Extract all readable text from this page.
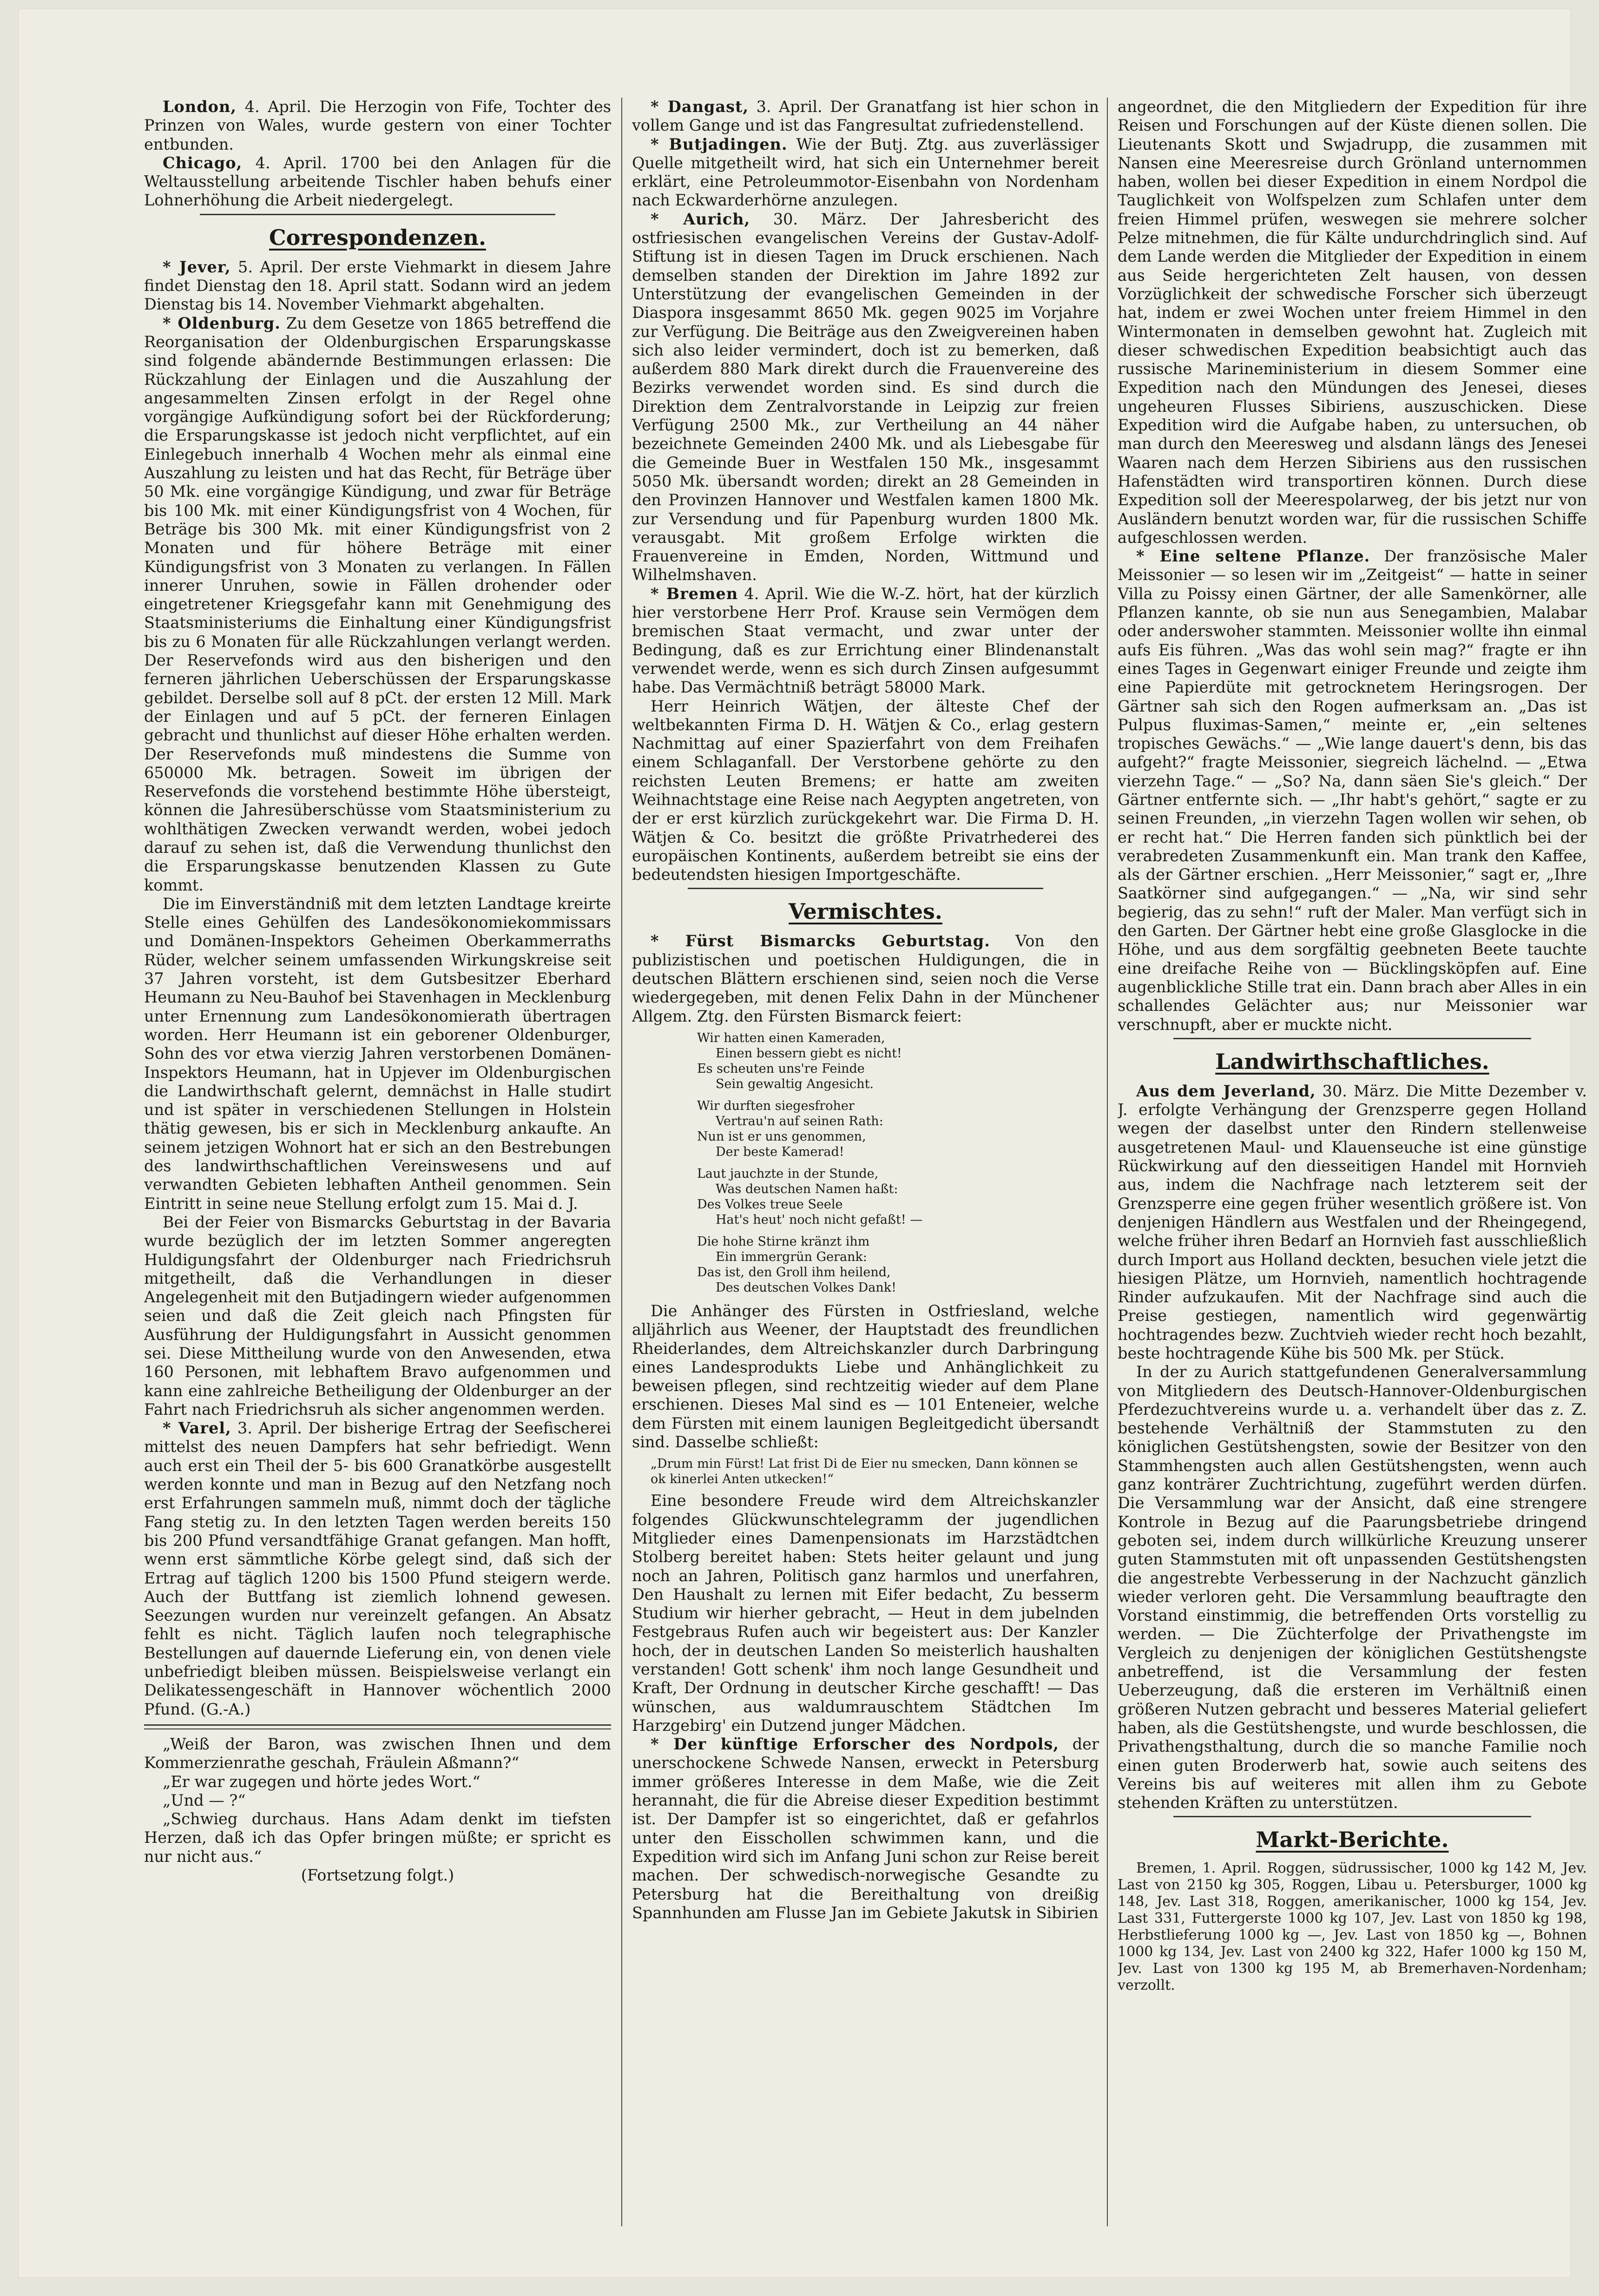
London, 4. April. Die Herzogin von Fife, Tochter des Prinzen von Wales, wurde gestern von einer Tochter entbunden.

Chicago, 4. April. 1700 bei den Anlagen für die Weltausstellung arbeitende Tischler haben behufs einer Lohnerhöhung die Arbeit niedergelegt.

Correspondenzen.

* Jever, 5. April. Der erste Viehmarkt in diesem Jahre findet Dienstag den 18. April statt. Sodann wird an jedem Dienstag bis 14. November Viehmarkt abgehalten.

* Oldenburg. Zu dem Gesetze von 1865 betreffend die Reorganisation der Oldenburgischen Ersparungskasse sind folgende abändernde Bestimmungen erlassen: Die Rückzahlung der Einlagen und die Auszahlung der angesammelten Zinsen erfolgt in der Regel ohne vorgängige Aufkündigung sofort bei der Rückforderung; die Ersparungskasse ist jedoch nicht verpflichtet, auf ein Einlegebuch innerhalb 4 Wochen mehr als einmal eine Auszahlung zu leisten und hat das Recht, für Beträge über 50 Mk. eine vorgängige Kündigung, und zwar für Beträge bis 100 Mk. mit einer Kündigungsfrist von 4 Wochen, für Beträge bis 300 Mk. mit einer Kündigungsfrist von 2 Monaten und für höhere Beträge mit einer Kündigungsfrist von 3 Monaten zu verlangen. In Fällen innerer Unruhen, sowie in Fällen drohender oder eingetretener Kriegsgefahr kann mit Genehmigung des Staatsministeriums die Einhaltung einer Kündigungsfrist bis zu 6 Monaten für alle Rückzahlungen verlangt werden. Der Reservefonds wird aus den bisherigen und den ferneren jährlichen Ueberschüssen der Ersparungskasse gebildet. Derselbe soll auf 8 pCt. der ersten 12 Mill. Mark der Einlagen und auf 5 pCt. der ferneren Einlagen gebracht und thunlichst auf dieser Höhe erhalten werden. Der Reservefonds muß mindestens die Summe von 650000 Mk. betragen. Soweit im übrigen der Reservefonds die vorstehend bestimmte Höhe übersteigt, können die Jahresüberschüsse vom Staatsministerium zu wohlthätigen Zwecken verwandt werden, wobei jedoch darauf zu sehen ist, daß die Verwendung thunlichst den die Ersparungskasse benutzenden Klassen zu Gute kommt.

Die im Einverständniß mit dem letzten Landtage kreirte Stelle eines Gehülfen des Landesökonomiekommissars und Domänen-Inspektors Geheimen Oberkammerraths Rüder, welcher seinem umfassenden Wirkungskreise seit 37 Jahren vorsteht, ist dem Gutsbesitzer Eberhard Heumann zu Neu-Bauhof bei Stavenhagen in Mecklenburg unter Ernennung zum Landesökonomierath übertragen worden. Herr Heumann ist ein geborener Oldenburger, Sohn des vor etwa vierzig Jahren verstorbenen Domänen-Inspektors Heumann, hat in Upjever im Oldenburgischen die Landwirthschaft gelernt, demnächst in Halle studirt und ist später in verschiedenen Stellungen in Holstein thätig gewesen, bis er sich in Mecklenburg ankaufte. An seinem jetzigen Wohnort hat er sich an den Bestrebungen des landwirthschaftlichen Vereinswesens und auf verwandten Gebieten lebhaften Antheil genommen. Sein Eintritt in seine neue Stellung erfolgt zum 15. Mai d. J.

Bei der Feier von Bismarcks Geburtstag in der Bavaria wurde bezüglich der im letzten Sommer angeregten Huldigungsfahrt der Oldenburger nach Friedrichsruh mitgetheilt, daß die Verhandlungen in dieser Angelegenheit mit den Butjadingern wieder aufgenommen seien und daß die Zeit gleich nach Pfingsten für Ausführung der Huldigungsfahrt in Aussicht genommen sei. Diese Mittheilung wurde von den Anwesenden, etwa 160 Personen, mit lebhaftem Bravo aufgenommen und kann eine zahlreiche Betheiligung der Oldenburger an der Fahrt nach Friedrichsruh als sicher angenommen werden.

* Varel, 3. April. Der bisherige Ertrag der Seefischerei mittelst des neuen Dampfers hat sehr befriedigt. Wenn auch erst ein Theil der 5- bis 600 Granatkörbe ausgestellt werden konnte und man in Bezug auf den Netzfang noch erst Erfahrungen sammeln muß, nimmt doch der tägliche Fang stetig zu. In den letzten Tagen werden bereits 150 bis 200 Pfund versandtfähige Granat gefangen. Man hofft, wenn erst sämmtliche Körbe gelegt sind, daß sich der Ertrag auf täglich 1200 bis 1500 Pfund steigern werde. Auch der Buttfang ist ziemlich lohnend gewesen. Seezungen wurden nur vereinzelt gefangen. An Absatz fehlt es nicht. Täglich laufen noch telegraphische Bestellungen auf dauernde Lieferung ein, von denen viele unbefriedigt bleiben müssen. Beispielsweise verlangt ein Delikatessengeschäft in Hannover wöchentlich 2000 Pfund. (G.-A.)

„Weiß der Baron, was zwischen Ihnen und dem Kommerzienrathe geschah, Fräulein Aßmann?“

„Er war zugegen und hörte jedes Wort.“

„Und — ?“

„Schwieg durchaus. Hans Adam denkt im tiefsten Herzen, daß ich das Opfer bringen müßte; er spricht es nur nicht aus.“

(Fortsetzung folgt.)

* Dangast, 3. April. Der Granatfang ist hier schon in vollem Gange und ist das Fangresultat zufriedenstellend.

* Butjadingen. Wie der Butj. Ztg. aus zuverlässiger Quelle mitgetheilt wird, hat sich ein Unternehmer bereit erklärt, eine Petroleummotor-Eisenbahn von Nordenham nach Eckwarderhörne anzulegen.

* Aurich, 30. März. Der Jahresbericht des ostfriesischen evangelischen Vereins der Gustav-Adolf-Stiftung ist in diesen Tagen im Druck erschienen. Nach demselben standen der Direktion im Jahre 1892 zur Unterstützung der evangelischen Gemeinden in der Diaspora insgesammt 8650 Mk. gegen 9025 im Vorjahre zur Verfügung. Die Beiträge aus den Zweigvereinen haben sich also leider vermindert, doch ist zu bemerken, daß außerdem 880 Mark direkt durch die Frauenvereine des Bezirks verwendet worden sind. Es sind durch die Direktion dem Zentralvorstande in Leipzig zur freien Verfügung 2500 Mk., zur Vertheilung an 44 näher bezeichnete Gemeinden 2400 Mk. und als Liebesgabe für die Gemeinde Buer in Westfalen 150 Mk., insgesammt 5050 Mk. übersandt worden; direkt an 28 Gemeinden in den Provinzen Hannover und Westfalen kamen 1800 Mk. zur Versendung und für Papenburg wurden 1800 Mk. verausgabt. Mit großem Erfolge wirkten die Frauenvereine in Emden, Norden, Wittmund und Wilhelmshaven.

* Bremen 4. April. Wie die W.-Z. hört, hat der kürzlich hier verstorbene Herr Prof. Krause sein Vermögen dem bremischen Staat vermacht, und zwar unter der Bedingung, daß es zur Errichtung einer Blindenanstalt verwendet werde, wenn es sich durch Zinsen aufgesummt habe. Das Vermächtniß beträgt 58000 Mark.

Herr Heinrich Wätjen, der älteste Chef der weltbekannten Firma D. H. Wätjen & Co., erlag gestern Nachmittag auf einer Spazierfahrt von dem Freihafen einem Schlaganfall. Der Verstorbene gehörte zu den reichsten Leuten Bremens; er hatte am zweiten Weihnachtstage eine Reise nach Aegypten angetreten, von der er erst kürzlich zurückgekehrt war. Die Firma D. H. Wätjen & Co. besitzt die größte Privatrhederei des europäischen Kontinents, außerdem betreibt sie eins der bedeutendsten hiesigen Importgeschäfte.

Vermischtes.

* Fürst Bismarcks Geburtstag. Von den publizistischen und poetischen Huldigungen, die in deutschen Blättern erschienen sind, seien noch die Verse wiedergegeben, mit denen Felix Dahn in der Münchener Allgem. Ztg. den Fürsten Bismarck feiert:

Wir hatten einen Kameraden,

Einen bessern giebt es nicht!

Es scheuten uns're Feinde

Sein gewaltig Angesicht.

Wir durften siegesfroher

Vertrau'n auf seinen Rath:

Nun ist er uns genommen,

Der beste Kamerad!

Laut jauchzte in der Stunde,

Was deutschen Namen haßt:

Des Volkes treue Seele

Hat's heut' noch nicht gefaßt! —

Die hohe Stirne kränzt ihm

Ein immergrün Gerank:

Das ist, den Groll ihm heilend,

Des deutschen Volkes Dank!

Die Anhänger des Fürsten in Ostfriesland, welche alljährlich aus Weener, der Hauptstadt des freundlichen Rheiderlandes, dem Altreichskanzler durch Darbringung eines Landesprodukts Liebe und Anhänglichkeit zu beweisen pflegen, sind rechtzeitig wieder auf dem Plane erschienen. Dieses Mal sind es — 101 Enteneier, welche dem Fürsten mit einem launigen Begleitgedicht übersandt sind. Dasselbe schließt:

„Drum min Fürst! Lat frist Di de Eier nu smecken, Dann können se ok kinerlei Anten utkecken!“

Eine besondere Freude wird dem Altreichskanzler folgendes Glückwunschtelegramm der jugendlichen Mitglieder eines Damenpensionats im Harzstädtchen Stolberg bereitet haben: Stets heiter gelaunt und jung noch an Jahren, Politisch ganz harmlos und unerfahren, Den Haushalt zu lernen mit Eifer bedacht, Zu besserm Studium wir hierher gebracht, — Heut in dem jubelnden Festgebraus Rufen auch wir begeistert aus: Der Kanzler hoch, der in deutschen Landen So meisterlich haushalten verstanden! Gott schenk' ihm noch lange Gesundheit und Kraft, Der Ordnung in deutscher Kirche geschafft! — Das wünschen, aus waldumrauschtem Städtchen Im Harzgebirg' ein Dutzend junger Mädchen.

* Der künftige Erforscher des Nordpols, der unerschockene Schwede Nansen, erweckt in Petersburg immer größeres Interesse in dem Maße, wie die Zeit herannaht, die für die Abreise dieser Expedition bestimmt ist. Der Dampfer ist so eingerichtet, daß er gefahrlos unter den Eisschollen schwimmen kann, und die Expedition wird sich im Anfang Juni schon zur Reise bereit machen. Der schwedisch-norwegische Gesandte zu Petersburg hat die Bereithaltung von dreißig Spannhunden am Flusse Jan im Gebiete Jakutsk in Sibirien

angeordnet, die den Mitgliedern der Expedition für ihre Reisen und Forschungen auf der Küste dienen sollen. Die Lieutenants Skott und Swjadrupp, die zusammen mit Nansen eine Meeresreise durch Grönland unternommen haben, wollen bei dieser Expedition in einem Nordpol die Tauglichkeit von Wolfspelzen zum Schlafen unter dem freien Himmel prüfen, weswegen sie mehrere solcher Pelze mitnehmen, die für Kälte undurchdringlich sind. Auf dem Lande werden die Mitglieder der Expedition in einem aus Seide hergerichteten Zelt hausen, von dessen Vorzüglichkeit der schwedische Forscher sich überzeugt hat, indem er zwei Wochen unter freiem Himmel in den Wintermonaten in demselben gewohnt hat. Zugleich mit dieser schwedischen Expedition beabsichtigt auch das russische Marineministerium in diesem Sommer eine Expedition nach den Mündungen des Jenesei, dieses ungeheuren Flusses Sibiriens, auszuschicken. Diese Expedition wird die Aufgabe haben, zu untersuchen, ob man durch den Meeresweg und alsdann längs des Jenesei Waaren nach dem Herzen Sibiriens aus den russischen Hafenstädten wird transportiren können. Durch diese Expedition soll der Meerespolarweg, der bis jetzt nur von Ausländern benutzt worden war, für die russischen Schiffe aufgeschlossen werden.

* Eine seltene Pflanze. Der französische Maler Meissonier — so lesen wir im „Zeitgeist“ — hatte in seiner Villa zu Poissy einen Gärtner, der alle Samenkörner, alle Pflanzen kannte, ob sie nun aus Senegambien, Malabar oder anderswoher stammten. Meissonier wollte ihn einmal aufs Eis führen. „Was das wohl sein mag?“ fragte er ihn eines Tages in Gegenwart einiger Freunde und zeigte ihm eine Papierdüte mit getrocknetem Heringsrogen. Der Gärtner sah sich den Rogen aufmerksam an. „Das ist Pulpus fluximas-Samen,“ meinte er, „ein seltenes tropisches Gewächs.“ — „Wie lange dauert's denn, bis das aufgeht?“ fragte Meissonier, siegreich lächelnd. — „Etwa vierzehn Tage.“ — „So? Na, dann säen Sie's gleich.“ Der Gärtner entfernte sich. — „Ihr habt's gehört,“ sagte er zu seinen Freunden, „in vierzehn Tagen wollen wir sehen, ob er recht hat.“ Die Herren fanden sich pünktlich bei der verabredeten Zusammenkunft ein. Man trank den Kaffee, als der Gärtner erschien. „Herr Meissonier,“ sagt er, „Ihre Saatkörner sind aufgegangen.“ — „Na, wir sind sehr begierig, das zu sehn!“ ruft der Maler. Man verfügt sich in den Garten. Der Gärtner hebt eine große Glasglocke in die Höhe, und aus dem sorgfältig geebneten Beete tauchte eine dreifache Reihe von — Bücklingsköpfen auf. Eine augenblickliche Stille trat ein. Dann brach aber Alles in ein schallendes Gelächter aus; nur Meissonier war verschnupft, aber er muckte nicht.

Landwirthschaftliches.

Aus dem Jeverland, 30. März. Die Mitte Dezember v. J. erfolgte Verhängung der Grenzsperre gegen Holland wegen der daselbst unter den Rindern stellenweise ausgetretenen Maul- und Klauenseuche ist eine günstige Rückwirkung auf den diesseitigen Handel mit Hornvieh aus, indem die Nachfrage nach letzterem seit der Grenzsperre eine gegen früher wesentlich größere ist. Von denjenigen Händlern aus Westfalen und der Rheingegend, welche früher ihren Bedarf an Hornvieh fast ausschließlich durch Import aus Holland deckten, besuchen viele jetzt die hiesigen Plätze, um Hornvieh, namentlich hochtragende Rinder aufzukaufen. Mit der Nachfrage sind auch die Preise gestiegen, namentlich wird gegenwärtig hochtragendes bezw. Zuchtvieh wieder recht hoch bezahlt, beste hochtragende Kühe bis 500 Mk. per Stück.

In der zu Aurich stattgefundenen Generalversammlung von Mitgliedern des Deutsch-Hannover-Oldenburgischen Pferdezuchtvereins wurde u. a. verhandelt über das z. Z. bestehende Verhältniß der Stammstuten zu den königlichen Gestütshengsten, sowie der Besitzer von den Stammhengsten auch allen Gestütshengsten, wenn auch ganz konträrer Zuchtrichtung, zugeführt werden dürfen. Die Versammlung war der Ansicht, daß eine strengere Kontrole in Bezug auf die Paarungsbetriebe dringend geboten sei, indem durch willkürliche Kreuzung unserer guten Stammstuten mit oft unpassenden Gestütshengsten die angestrebte Verbesserung in der Nachzucht gänzlich wieder verloren geht. Die Versammlung beauftragte den Vorstand einstimmig, die betreffenden Orts vorstellig zu werden. — Die Züchterfolge der Privathengste im Vergleich zu denjenigen der königlichen Gestütshengste anbetreffend, ist die Versammlung der festen Ueberzeugung, daß die ersteren im Verhältniß einen größeren Nutzen gebracht und besseres Material geliefert haben, als die Gestütshengste, und wurde beschlossen, die Privathengsthaltung, durch die so manche Familie noch einen guten Broderwerb hat, sowie auch seitens des Vereins bis auf weiteres mit allen ihm zu Gebote stehenden Kräften zu unterstützen.

Markt-Berichte.

Bremen, 1. April. Roggen, südrussischer, 1000 kg 142 M, Jev. Last von 2150 kg 305, Roggen, Libau u. Petersburger, 1000 kg 148, Jev. Last 318, Roggen, amerikanischer, 1000 kg 154, Jev. Last 331, Futtergerste 1000 kg 107, Jev. Last von 1850 kg 198, Herbstlieferung 1000 kg —, Jev. Last von 1850 kg —, Bohnen 1000 kg 134, Jev. Last von 2400 kg 322, Hafer 1000 kg 150 M, Jev. Last von 1300 kg 195 M, ab Bremerhaven-Nordenham; verzollt.
